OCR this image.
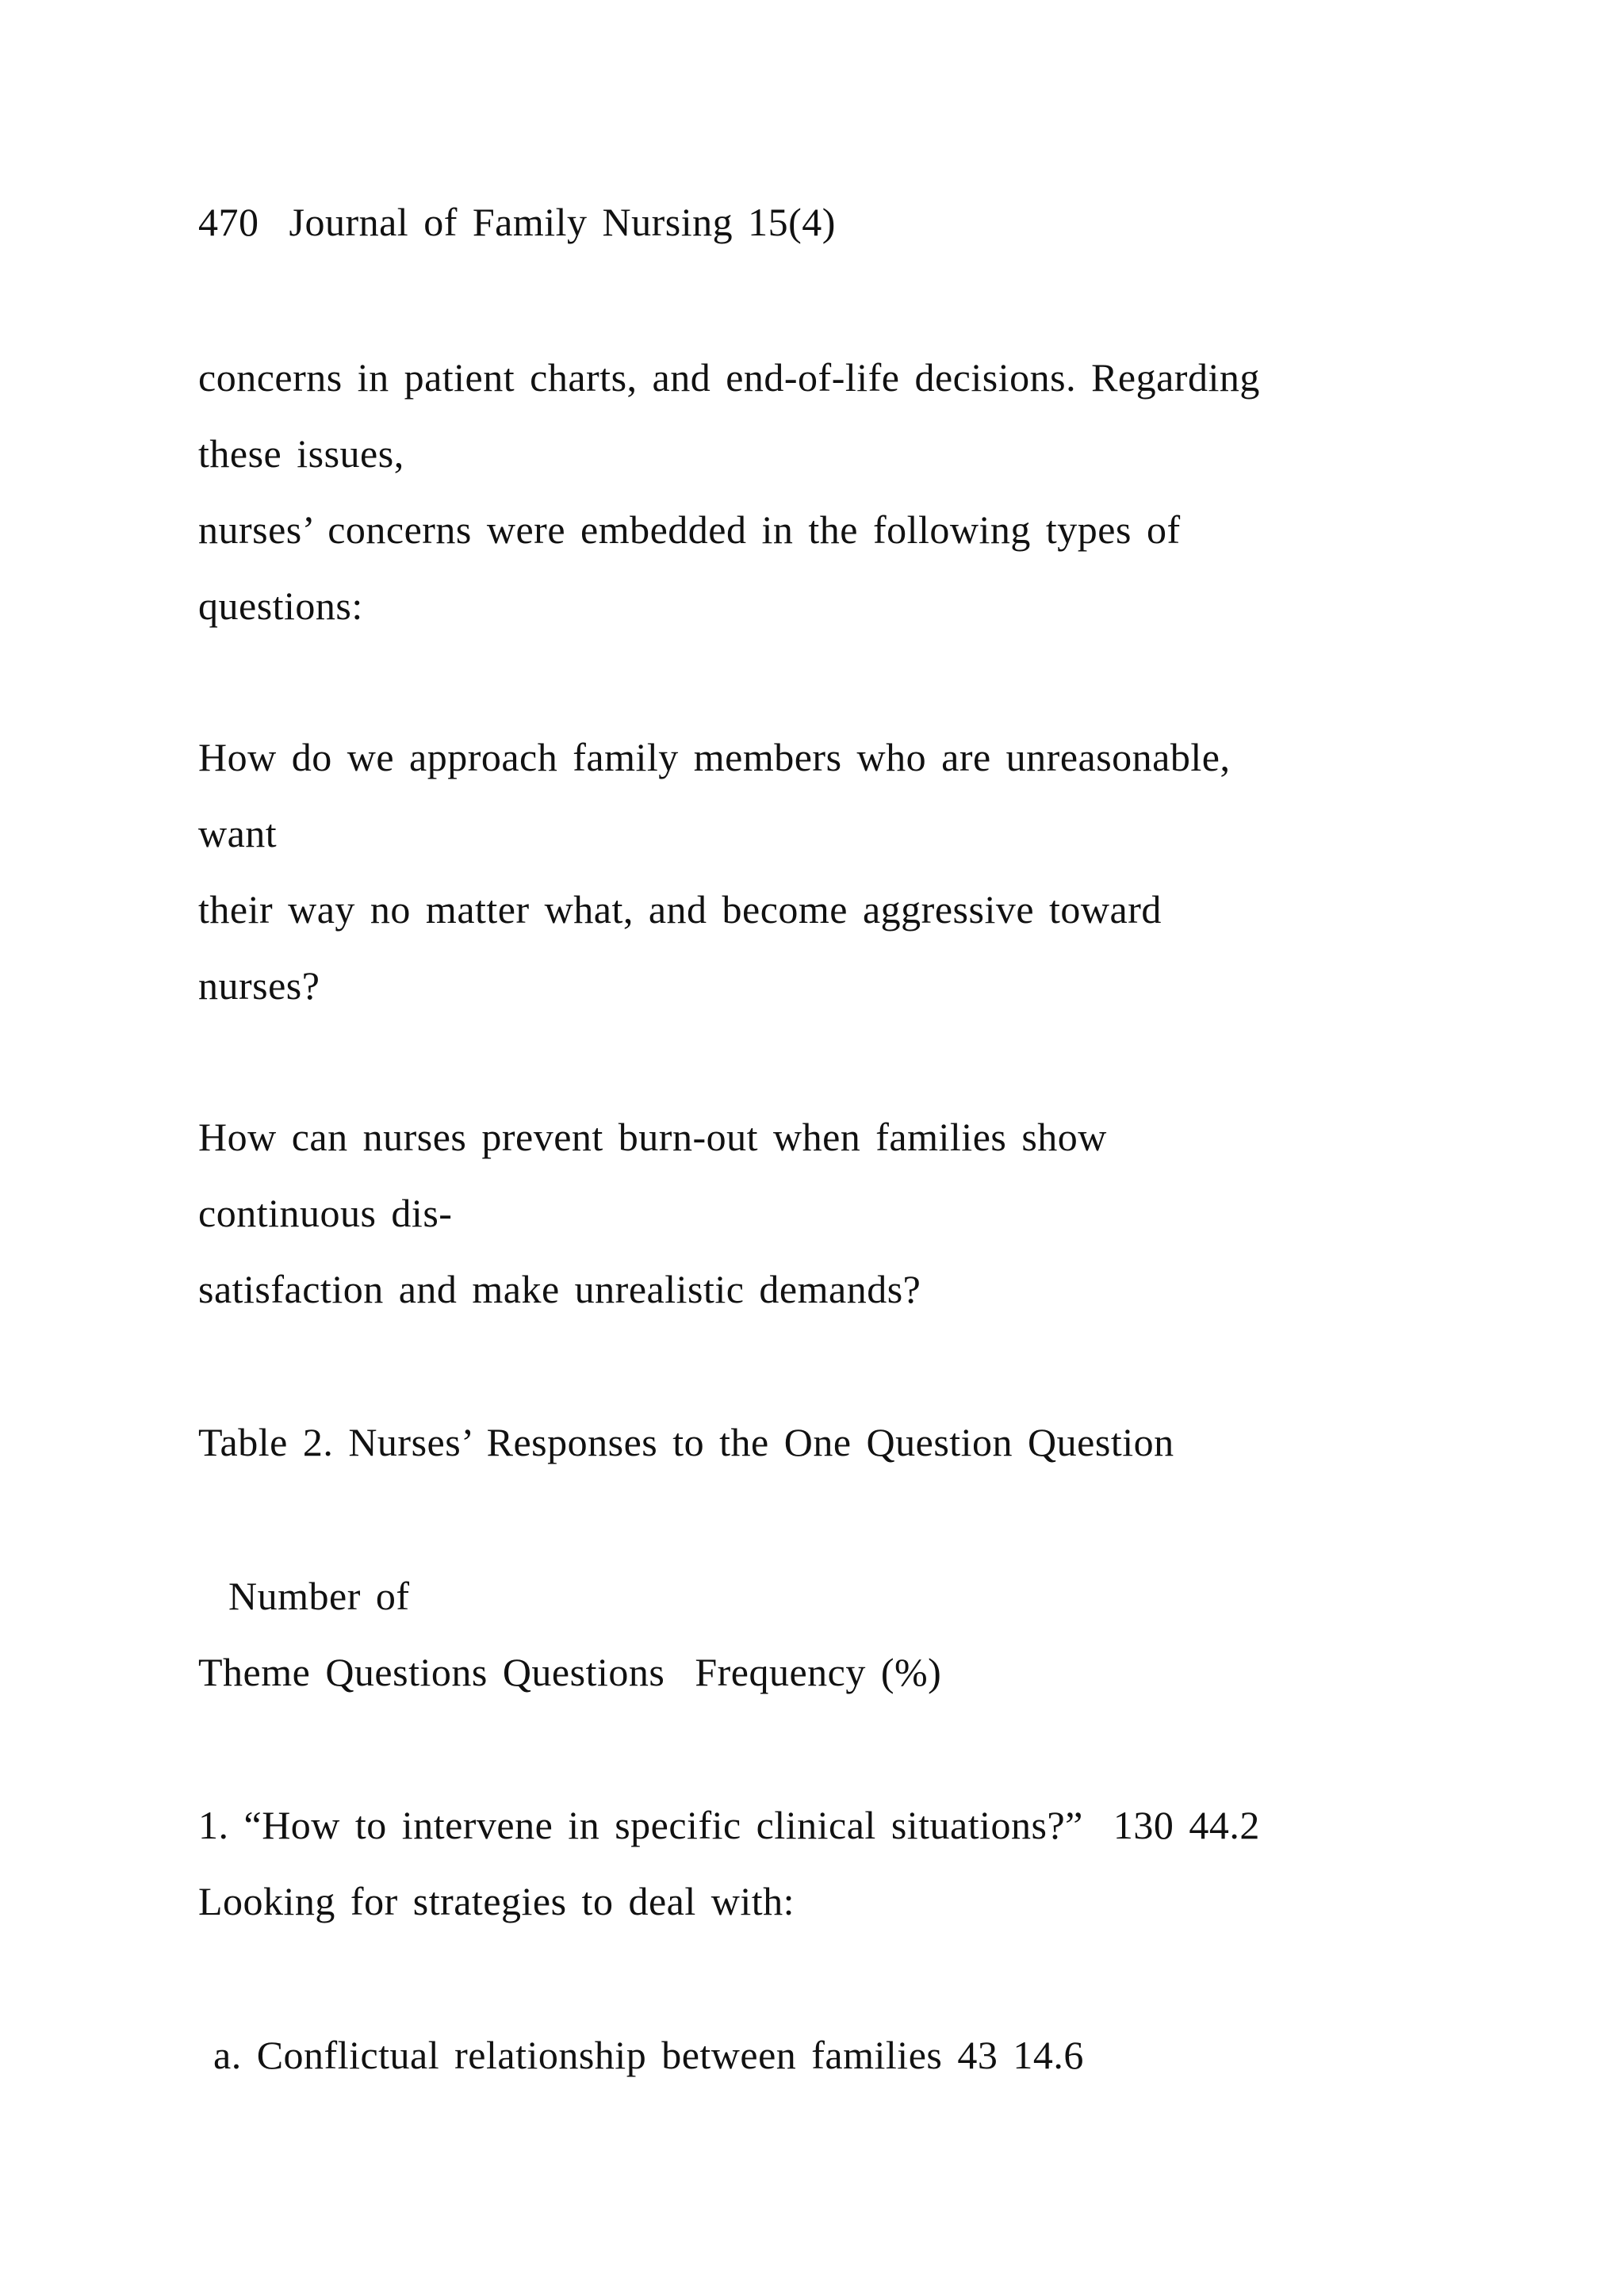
470  Journal of Family Nursing 15(4)

concerns in patient charts, and end-of-life decisions. Regarding

these issues,

nurses’ concerns were embedded in the following types of

questions:

How do we approach family members who are unreasonable,

want

their way no matter what, and become aggressive toward

nurses?

How can nurses prevent burn-out when families show

continuous dis-

satisfaction and make unrealistic demands?

Table 2. Nurses’ Responses to the One Question Question

Number of

Theme Questions Questions  Frequency (%)

1. “How to intervene in specific clinical situations?”  130 44.2

Looking for strategies to deal with:

a. Conflictual relationship between families 43 14.6
